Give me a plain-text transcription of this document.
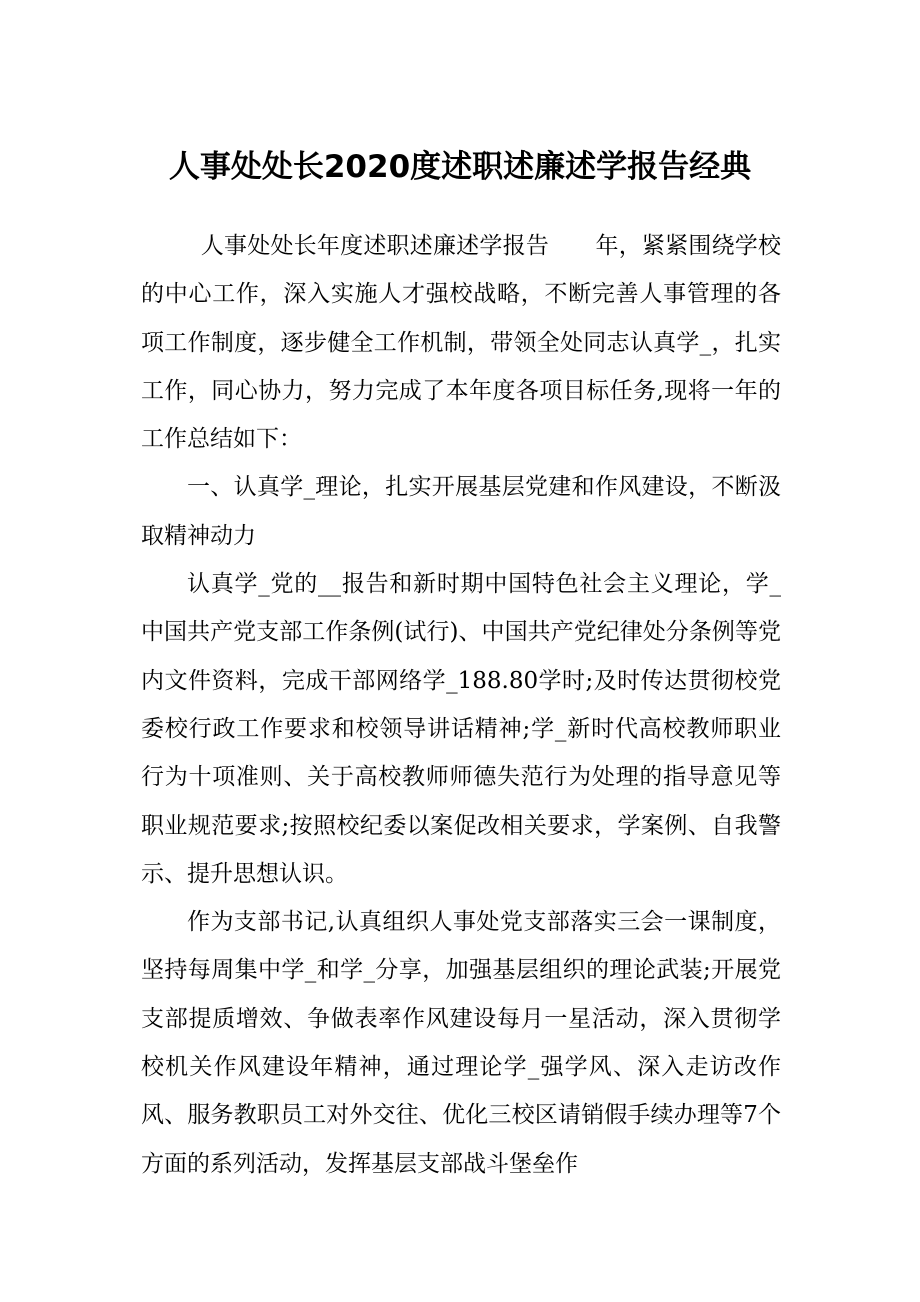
人事处处长2020度述职述廉述学报告经典

人事处处长年度述职述廉述学报告　　年，紧紧围绕学校的中心工作，深入实施人才强校战略，不断完善人事管理的各项工作制度，逐步健全工作机制，带领全处同志认真学_，扎实工作，同心协力，努力完成了本年度各项目标任务,现将一年的工作总结如下：

一、认真学_理论，扎实开展基层党建和作风建设，不断汲取精神动力

认真学_党的__报告和新时期中国特色社会主义理论，学_中国共产党支部工作条例(试行)、中国共产党纪律处分条例等党内文件资料，完成干部网络学_188.80学时;及时传达贯彻校党委校行政工作要求和校领导讲话精神;学_新时代高校教师职业行为十项准则、关于高校教师师德失范行为处理的指导意见等职业规范要求;按照校纪委以案促改相关要求，学案例、自我警示、提升思想认识。

作为支部书记,认真组织人事处党支部落实三会一课制度，坚持每周集中学_和学_分享，加强基层组织的理论武装;开展党支部提质增效、争做表率作风建设每月一星活动，深入贯彻学校机关作风建设年精神，通过理论学_强学风、深入走访改作风、服务教职员工对外交往、优化三校区请销假手续办理等7个方面的系列活动，发挥基层支部战斗堡垒作
